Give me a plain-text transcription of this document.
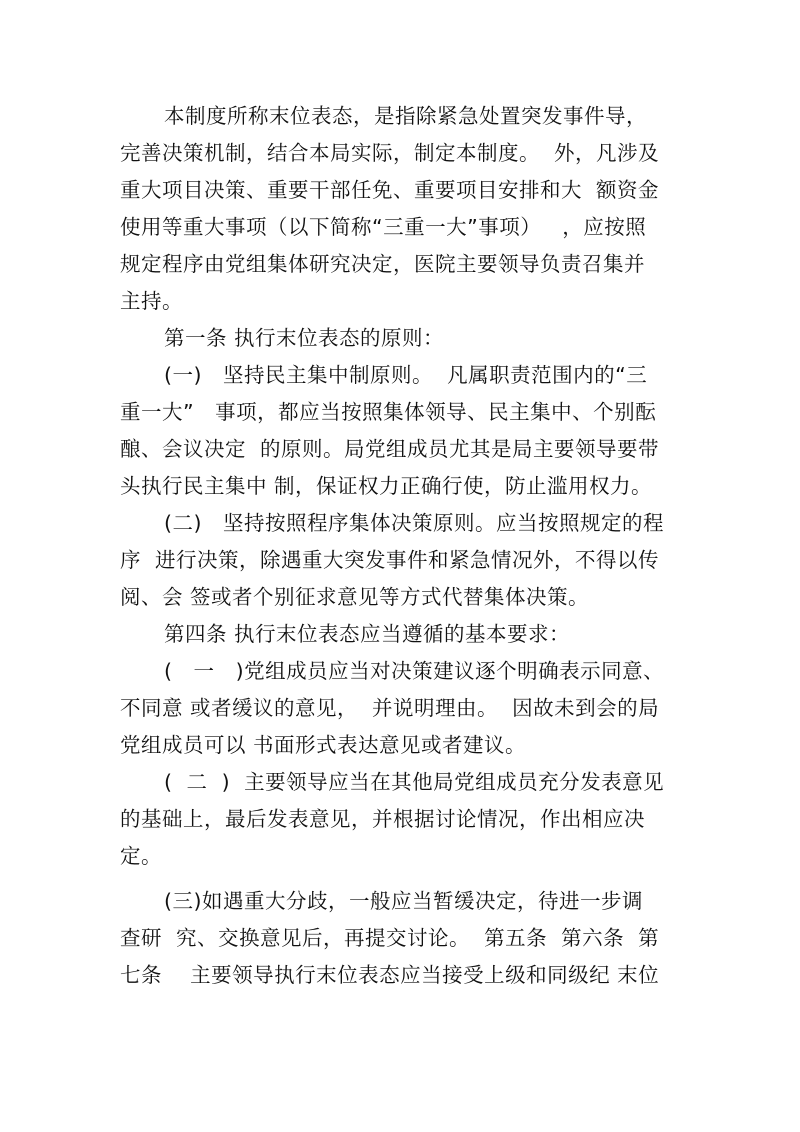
本制度所称末位表态，是指除紧急处置突发事件导，
完善决策机制，结合本局实际，制定本制度。  外，凡涉及
重大项目决策、重要干部任免、重要项目安排和大  额资金
使用等重大事项（以下简称“三重一大”事项）   ，应按照
规定程序由党组集体研究决定，医院主要领导负责召集并
主持。
第一条 执行末位表态的原则：
(一)   坚持民主集中制原则。  凡属职责范围内的“三
重一大”   事项，都应当按照集体领导、民主集中、个别酝
酿、会议决定  的原则。局党组成员尤其是局主要领导要带
头执行民主集中 制，保证权力正确行使，防止滥用权力。
(二)   坚持按照程序集体决策原则。应当按照规定的程
序  进行决策，除遇重大突发事件和紧急情况外，不得以传
阅、会 签或者个别征求意见等方式代替集体决策。
第四条 执行末位表态应当遵循的基本要求：
(   一   )党组成员应当对决策建议逐个明确表示同意、
不同意 或者缓议的意见，  并说明理由。  因故未到会的局
党组成员可以 书面形式表达意见或者建议。
(  二  )  主要领导应当在其他局党组成员充分发表意见
的基础上，最后发表意见，并根据讨论情况，作出相应决
定。
(三)如遇重大分歧，一般应当暂缓决定，待进一步调
查研  究、交换意见后，再提交讨论。  第五条  第六条  第
七条    主要领导执行末位表态应当接受上级和同级纪 末位
